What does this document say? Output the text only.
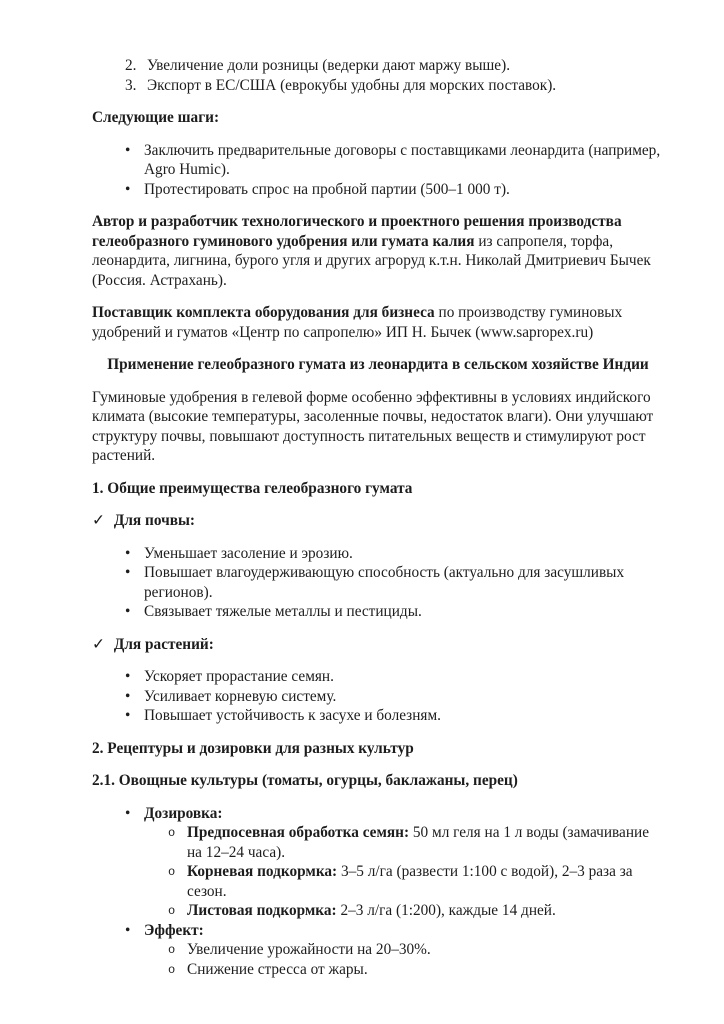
2. Увеличение доли розницы (ведерки дают маржу выше).
3. Экспорт в ЕС/США (еврокубы удобны для морских поставок).

Следующие шаги:

• Заключить предварительные договоры с поставщиками леонардита (например, Agro Humic).
• Протестировать спрос на пробной партии (500–1 000 т).

Автор и разработчик технологического и проектного решения производства гелеобразного гуминового удобрения или гумата калия из сапропеля, торфа, леонардита, лигнина, бурого угля и других агроруд к.т.н. Николай Дмитриевич Бычек (Россия. Астрахань).

Поставщик комплекта оборудования для бизнеса по производству гуминовых удобрений и гуматов «Центр по сапропелю» ИП Н. Бычек (www.sapropex.ru)

Применение гелеобразного гумата из леонардита в сельском хозяйстве Индии

Гуминовые удобрения в гелевой форме особенно эффективны в условиях индийского климата (высокие температуры, засоленные почвы, недостаток влаги). Они улучшают структуру почвы, повышают доступность питательных веществ и стимулируют рост растений.

1. Общие преимущества гелеобразного гумата

✓ Для почвы:

• Уменьшает засоление и эрозию.
• Повышает влагоудерживающую способность (актуально для засушливых регионов).
• Связывает тяжелые металлы и пестициды.

✓ Для растений:

• Ускоряет прорастание семян.
• Усиливает корневую систему.
• Повышает устойчивость к засухе и болезням.

2. Рецептуры и дозировки для разных культур

2.1. Овощные культуры (томаты, огурцы, баклажаны, перец)

• Дозировка:
o Предпосевная обработка семян: 50 мл геля на 1 л воды (замачивание на 12–24 часа).
o Корневая подкормка: 3–5 л/га (развести 1:100 с водой), 2–3 раза за сезон.
o Листовая подкормка: 2–3 л/га (1:200), каждые 14 дней.
• Эффект:
o Увеличение урожайности на 20–30%.
o Снижение стресса от жары.
